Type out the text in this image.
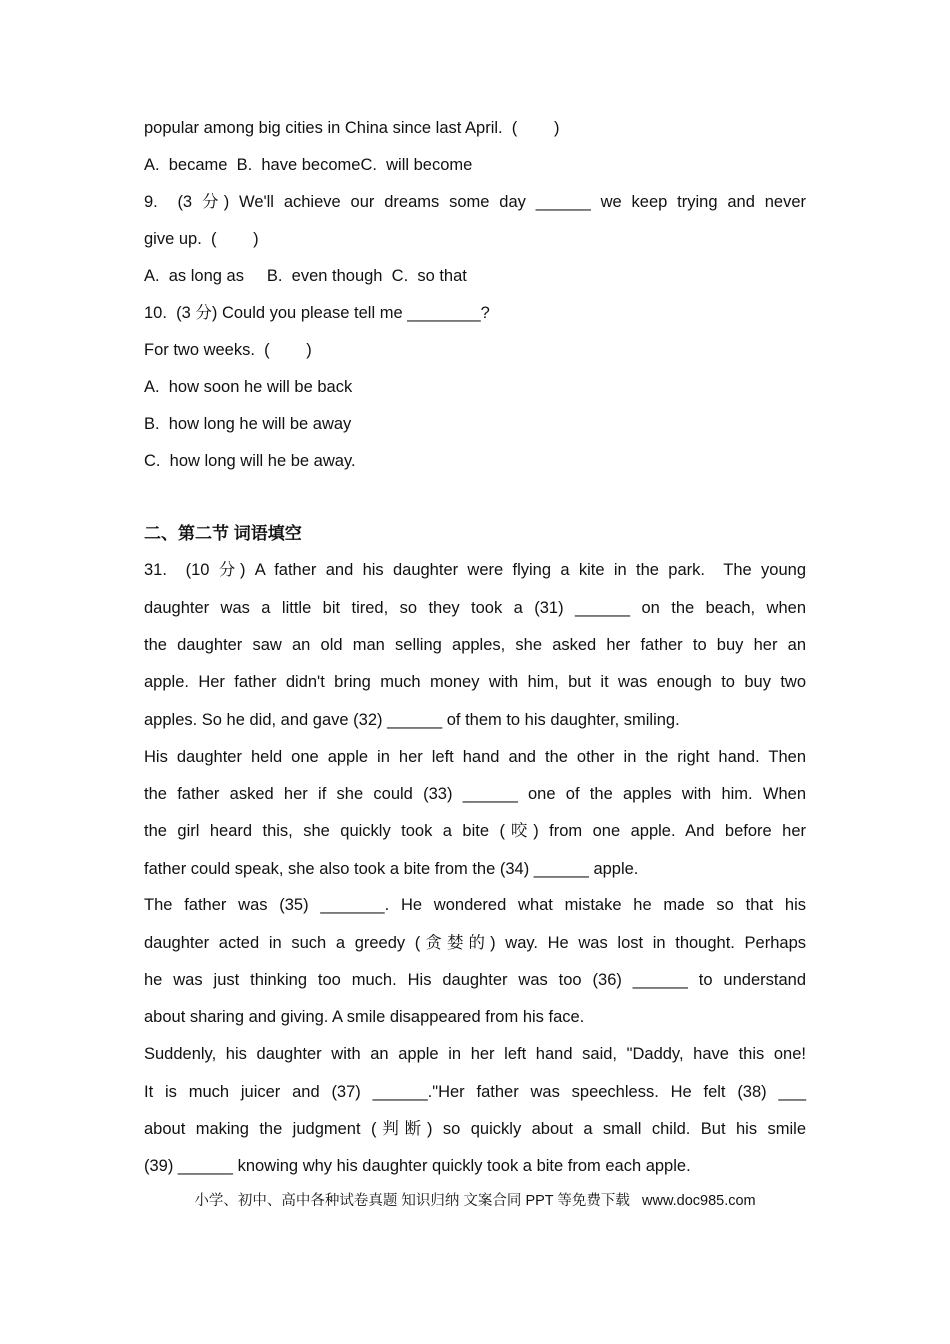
popular among big cities in China since last April.  (        )
A.  became  B.  have becomeC.  will become
9.  (3 分) We'll achieve our dreams some day ______ we keep trying and never
give up.  (        )
A.  as long as     B.  even though  C.  so that
10.  (3 分) Could you please tell me ________?
For two weeks.  (        )
A.  how soon he will be back
B.  how long he will be away
C.  how long will he be away.
二、第二节 词语填空
31.  (10 分) A father and his daughter were flying a kite in the park.  The young
daughter was a little bit tired, so they took a (31) ______ on the beach, when
the daughter saw an old man selling apples, she asked her father to buy her an
apple. Her father didn't bring much money with him, but it was enough to buy two
apples. So he did, and gave (32) ______ of them to his daughter, smiling.
His daughter held one apple in her left hand and the other in the right hand. Then
the father asked her if she could (33) ______ one of the apples with him. When
the girl heard this, she quickly took a bite (咬) from one apple. And before her
father could speak, she also took a bite from the (34) ______ apple.
The father was (35) _______. He wondered what mistake he made so that his
daughter acted in such a greedy (贪婪的) way. He was lost in thought. Perhaps
he was just thinking too much. His daughter was too (36) ______ to understand
about sharing and giving. A smile disappeared from his face.
Suddenly, his daughter with an apple in her left hand said, "Daddy, have this one!
It is much juicer and (37) ______."Her father was speechless. He felt (38) ___
about making the judgment (判断) so quickly about a small child. But his smile
(39) ______ knowing why his daughter quickly took a bite from each apple.
小学、初中、高中各种试卷真题 知识归纳 文案合同 PPT 等免费下载   www.doc985.com
